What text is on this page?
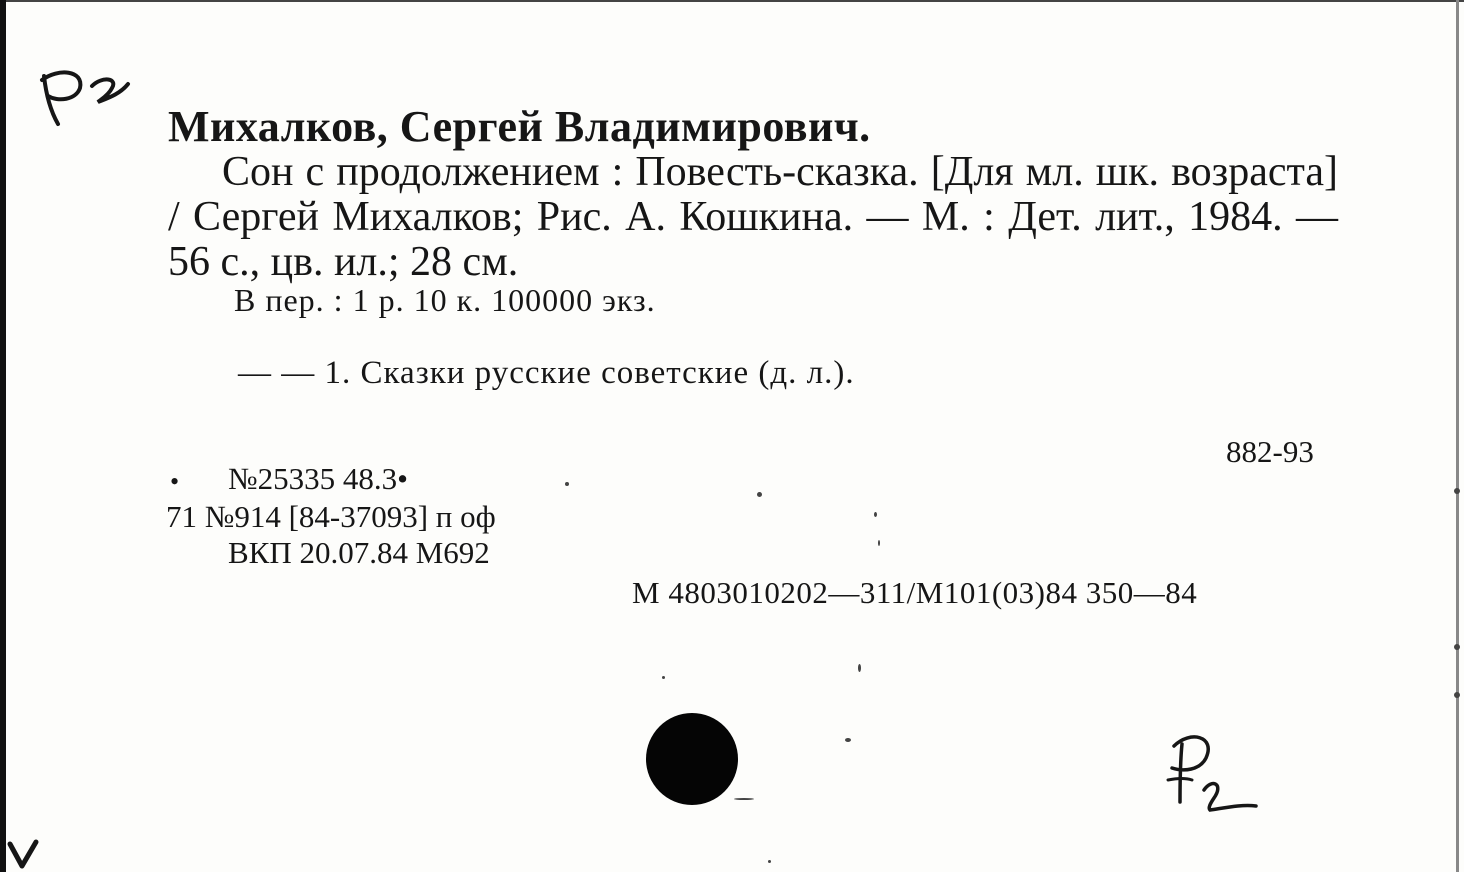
Михалков, Сергей Владимирович.
Сон с продолжением : Повесть-сказка. [Для мл. шк. возраста] / Сергей Михалков; Рис. А. Кошкина. — М. : Дет. лит., 1984. — 56 с., цв. ил.; 28 см.
В пер. : 1 р. 10 к. 100000 экз.
— — 1. Сказки русские советские (д. л.).
882-93
• №25335 48.3•
71 №914 [84-37093] п оф
ВКП 20.07.84 М692
М 4803010202—311/М101(03)84 350—84
